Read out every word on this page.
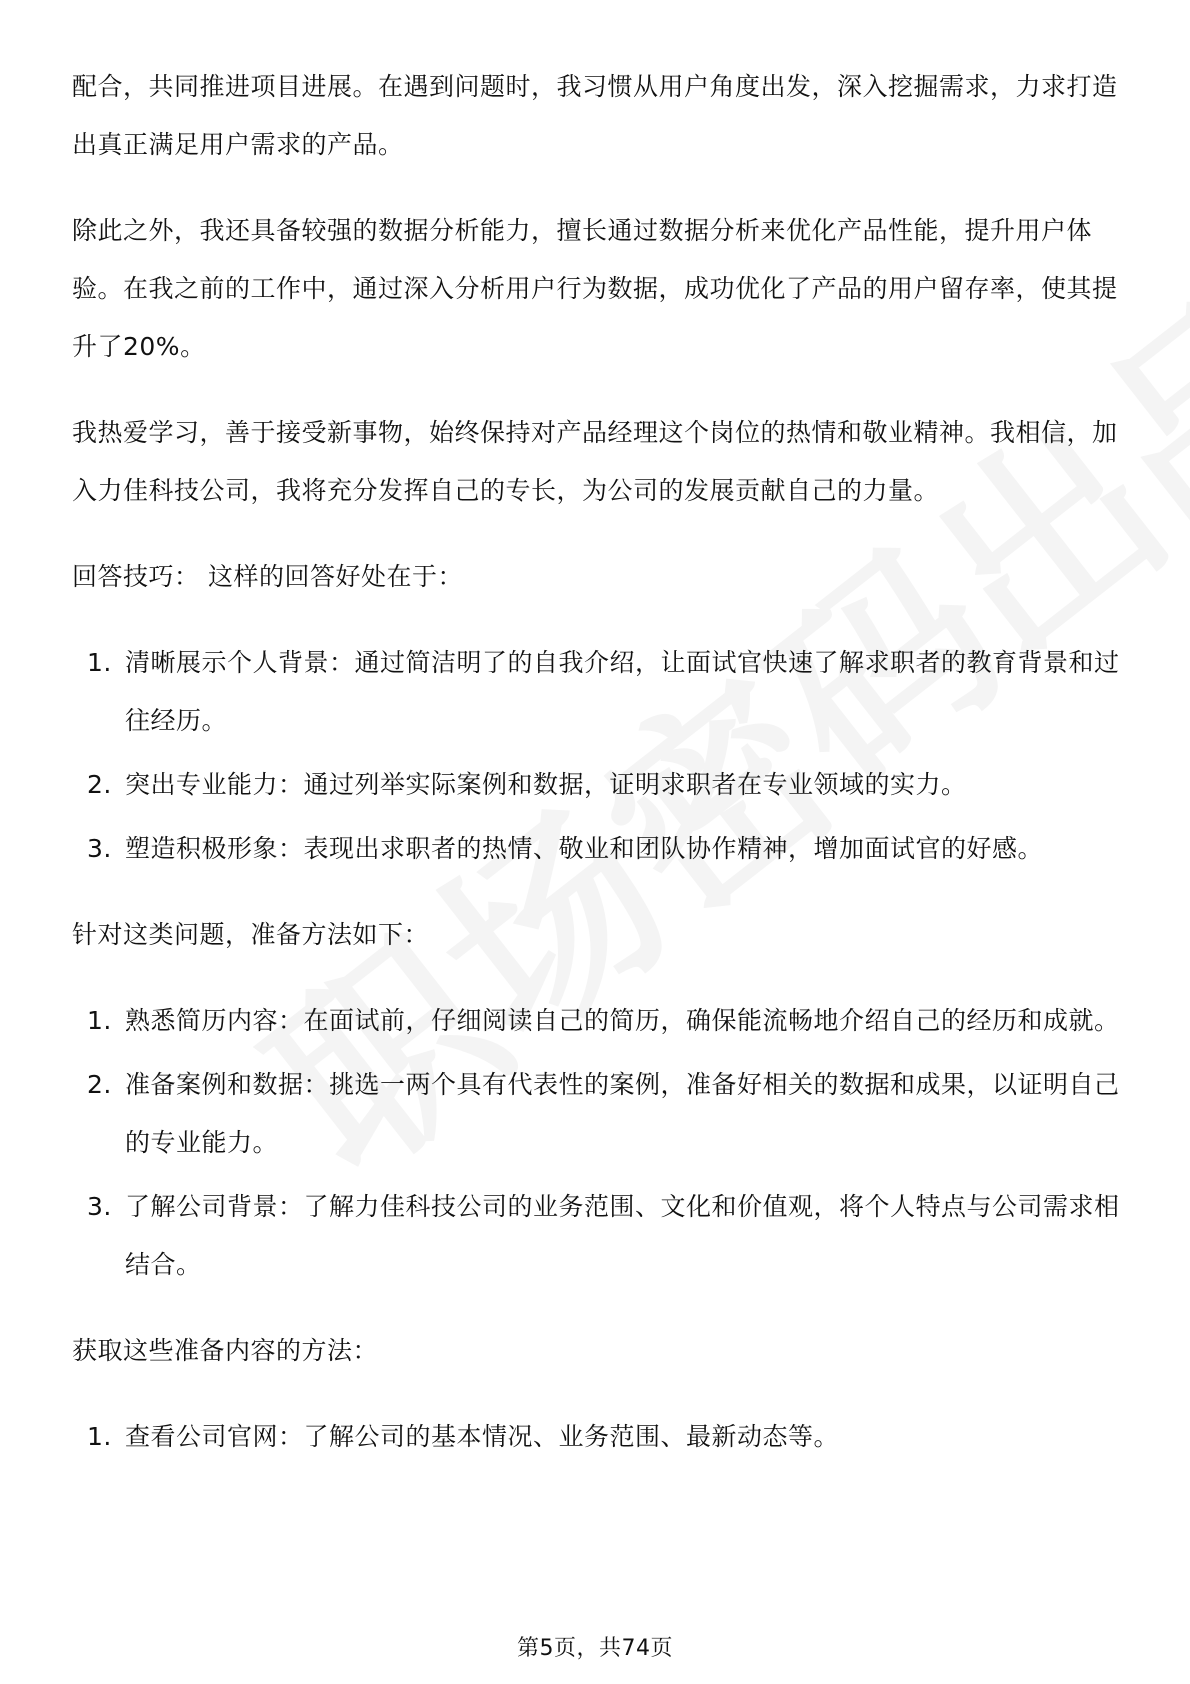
配合，共同推进项目进展。在遇到问题时，我习惯从用户角度出发，深入挖掘需求，力求打造出真正满足用户需求的产品。

除此之外，我还具备较强的数据分析能力，擅长通过数据分析来优化产品性能，提升用户体验。在我之前的工作中，通过深入分析用户行为数据，成功优化了产品的用户留存率，使其提升了20%。

我热爱学习，善于接受新事物，始终保持对产品经理这个岗位的热情和敬业精神。我相信，加入力佳科技公司，我将充分发挥自己的专长，为公司的发展贡献自己的力量。

回答技巧： 这样的回答好处在于：

1. 清晰展示个人背景：通过简洁明了的自我介绍，让面试官快速了解求职者的教育背景和过往经历。
2. 突出专业能力：通过列举实际案例和数据，证明求职者在专业领域的实力。
3. 塑造积极形象：表现出求职者的热情、敬业和团队协作精神，增加面试官的好感。

针对这类问题，准备方法如下：

1. 熟悉简历内容：在面试前，仔细阅读自己的简历，确保能流畅地介绍自己的经历和成就。
2. 准备案例和数据：挑选一两个具有代表性的案例，准备好相关的数据和成果，以证明自己的专业能力。
3. 了解公司背景：了解力佳科技公司的业务范围、文化和价值观，将个人特点与公司需求相结合。

获取这些准备内容的方法：

1. 查看公司官网：了解公司的基本情况、业务范围、最新动态等。
第5页，共74页
